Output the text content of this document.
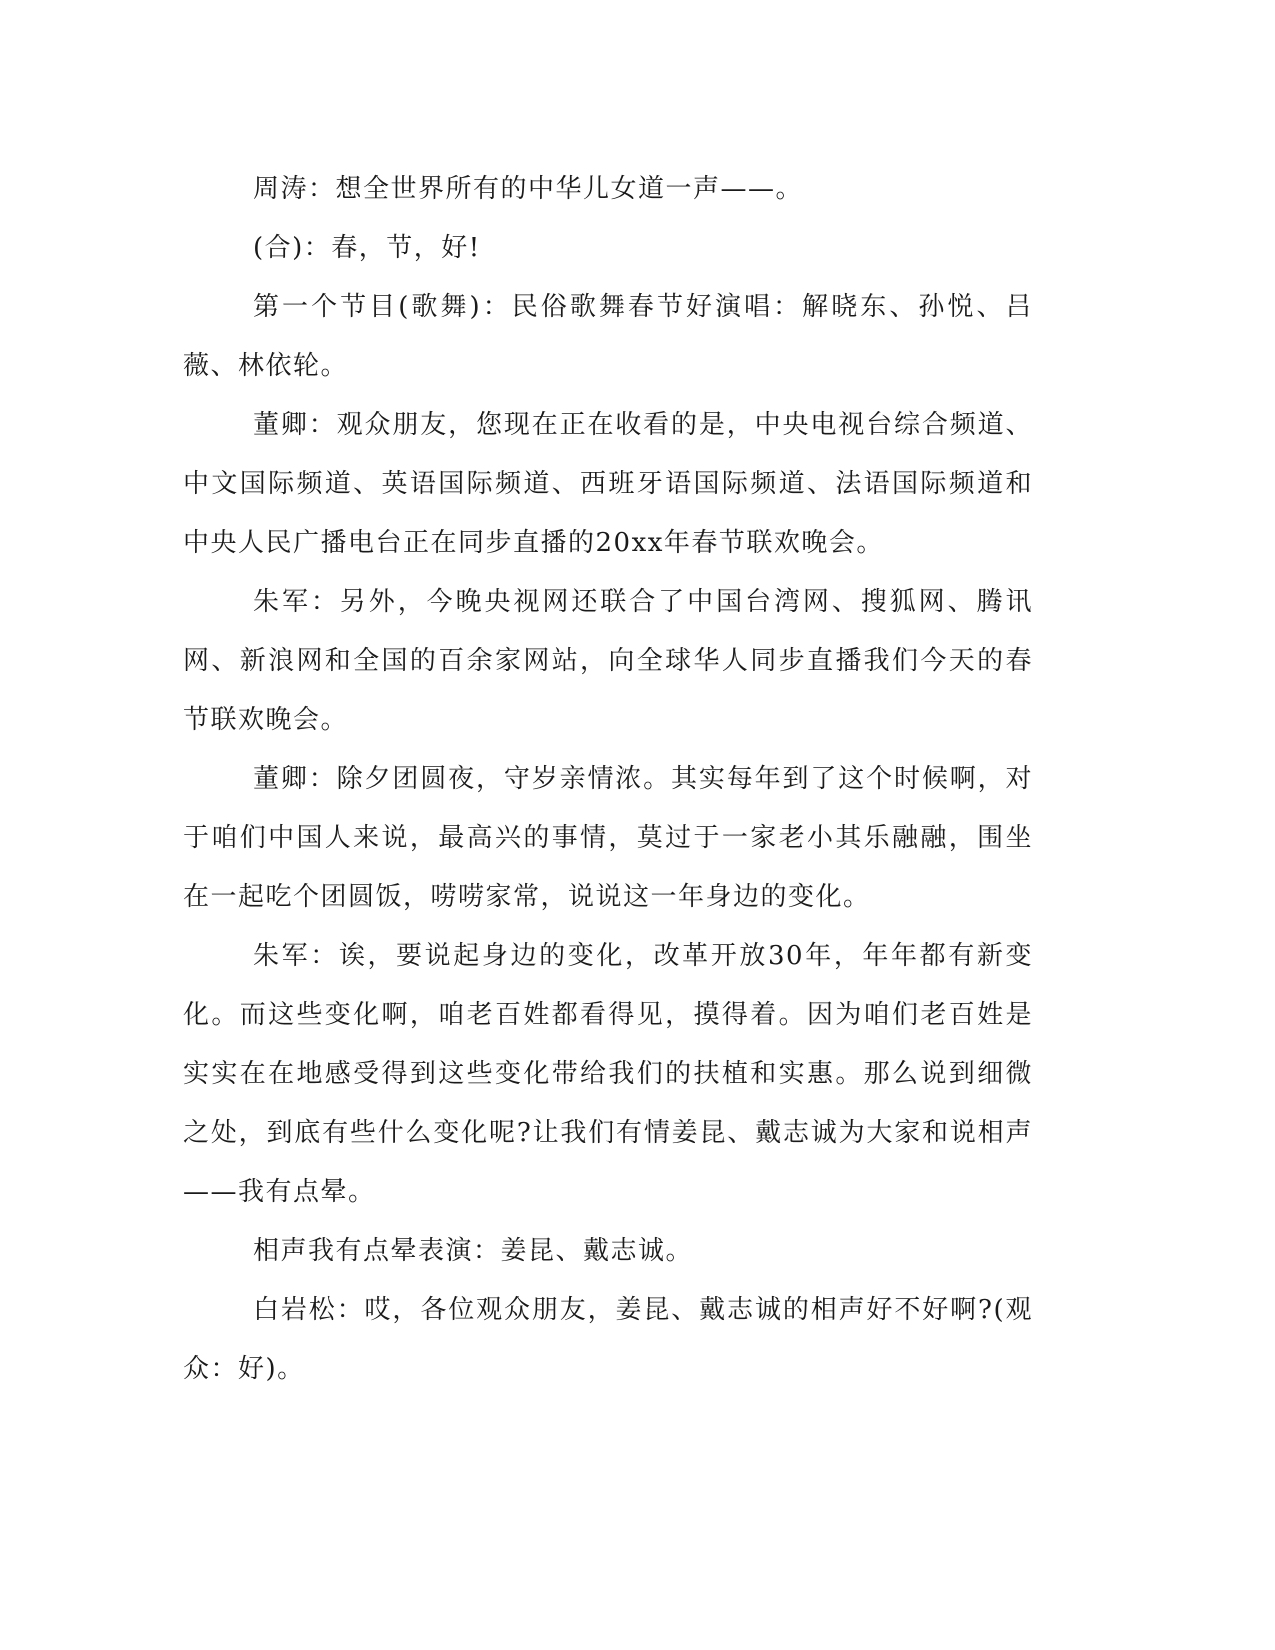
周涛：想全世界所有的中华儿女道一声——。

(合)：春，节，好!

第一个节目(歌舞)：民俗歌舞春节好演唱：解晓东、孙悦、吕薇、林依轮。

董卿：观众朋友，您现在正在收看的是，中央电视台综合频道、中文国际频道、英语国际频道、西班牙语国际频道、法语国际频道和中央人民广播电台正在同步直播的20xx年春节联欢晚会。

朱军：另外，今晚央视网还联合了中国台湾网、搜狐网、腾讯网、新浪网和全国的百余家网站，向全球华人同步直播我们今天的春节联欢晚会。

董卿：除夕团圆夜，守岁亲情浓。其实每年到了这个时候啊，对于咱们中国人来说，最高兴的事情，莫过于一家老小其乐融融，围坐在一起吃个团圆饭，唠唠家常，说说这一年身边的变化。

朱军：诶，要说起身边的变化，改革开放30年，年年都有新变化。而这些变化啊，咱老百姓都看得见，摸得着。因为咱们老百姓是实实在在地感受得到这些变化带给我们的扶植和实惠。那么说到细微之处，到底有些什么变化呢?让我们有情姜昆、戴志诚为大家和说相声——我有点晕。

相声我有点晕表演：姜昆、戴志诚。

白岩松：哎，各位观众朋友，姜昆、戴志诚的相声好不好啊?(观众：好)。
